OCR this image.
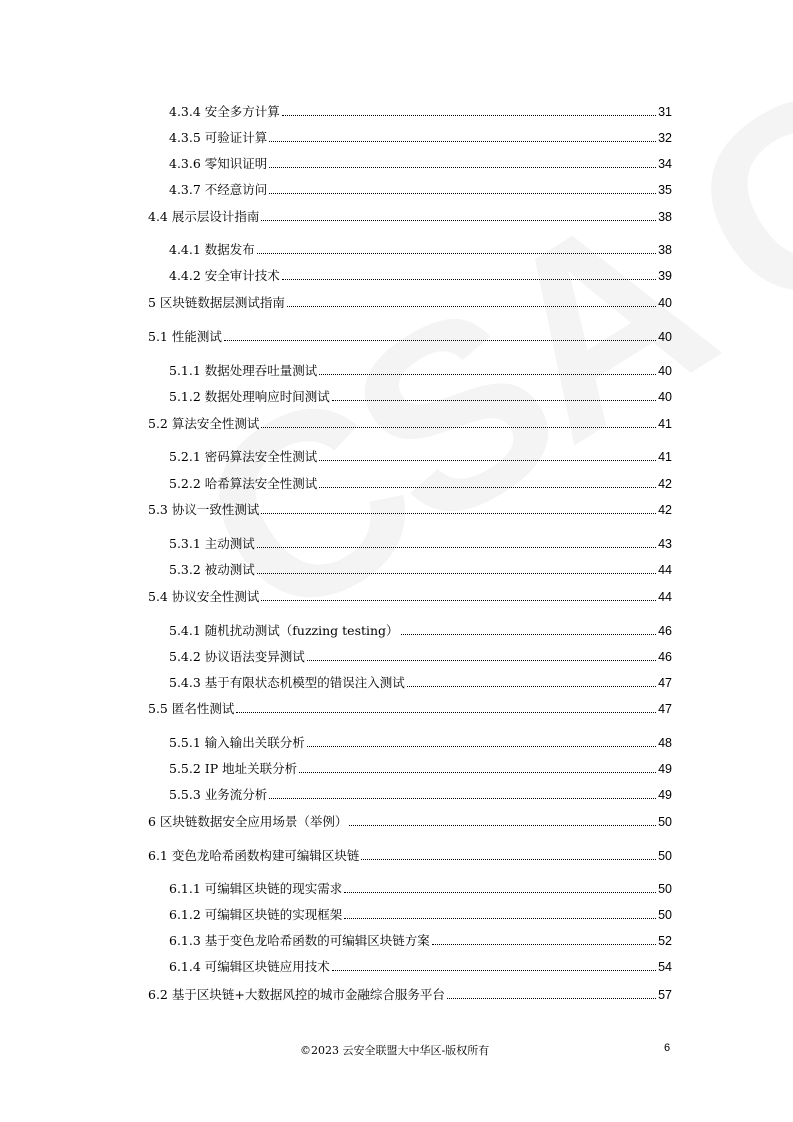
4.3.4 安全多方计算	31
4.3.5 可验证计算	32
4.3.6 零知识证明	34
4.3.7 不经意访问	35
4.4 展示层设计指南	38
4.4.1 数据发布	38
4.4.2 安全审计技术	39
5 区块链数据层测试指南	40
5.1 性能测试	40
5.1.1 数据处理吞吐量测试	40
5.1.2 数据处理响应时间测试	40
5.2 算法安全性测试	41
5.2.1 密码算法安全性测试	41
5.2.2 哈希算法安全性测试	42
5.3 协议一致性测试	42
5.3.1 主动测试	43
5.3.2 被动测试	44
5.4 协议安全性测试	44
5.4.1 随机扰动测试（fuzzing testing）	46
5.4.2 协议语法变异测试	46
5.4.3 基于有限状态机模型的错误注入测试	47
5.5 匿名性测试	47
5.5.1 输入输出关联分析	48
5.5.2 IP 地址关联分析	49
5.5.3 业务流分析	49
6 区块链数据安全应用场景（举例）	50
6.1 变色龙哈希函数构建可编辑区块链	50
6.1.1 可编辑区块链的现实需求	50
6.1.2 可编辑区块链的实现框架	50
6.1.3 基于变色龙哈希函数的可编辑区块链方案	52
6.1.4 可编辑区块链应用技术	54
6.2 基于区块链+大数据风控的城市金融综合服务平台	57
©2023 云安全联盟大中华区-版权所有	6
